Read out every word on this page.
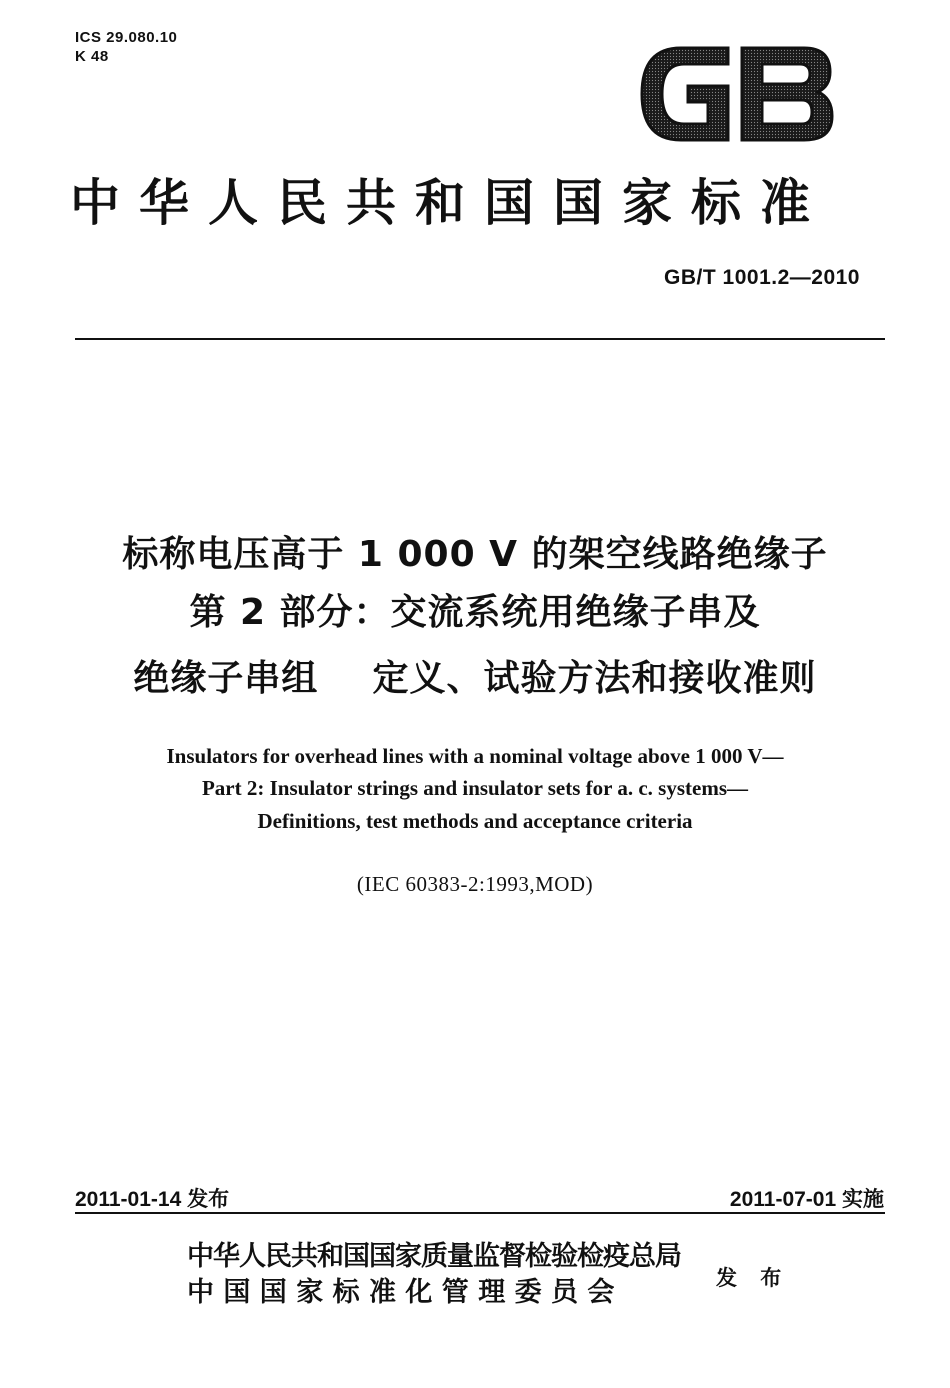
ICS 29.080.10
K 48
GB
中华人民共和国国家标准
GB/T 1001.2—2010
标称电压高于 1 000 V 的架空线路绝缘子
第 2 部分：交流系统用绝缘子串及
绝缘子串组    定义、试验方法和接收准则
Insulators for overhead lines with a nominal voltage above 1 000 V—
Part 2: Insulator strings and insulator sets for a. c. systems—
Definitions, test methods and acceptance criteria
(IEC 60383-2:1993,MOD)
2011-01-14 发布	2011-07-01 实施
中华人民共和国国家质量监督检验检疫总局
中 国 国 家 标 准 化 管 理 委 员 会	发 布
